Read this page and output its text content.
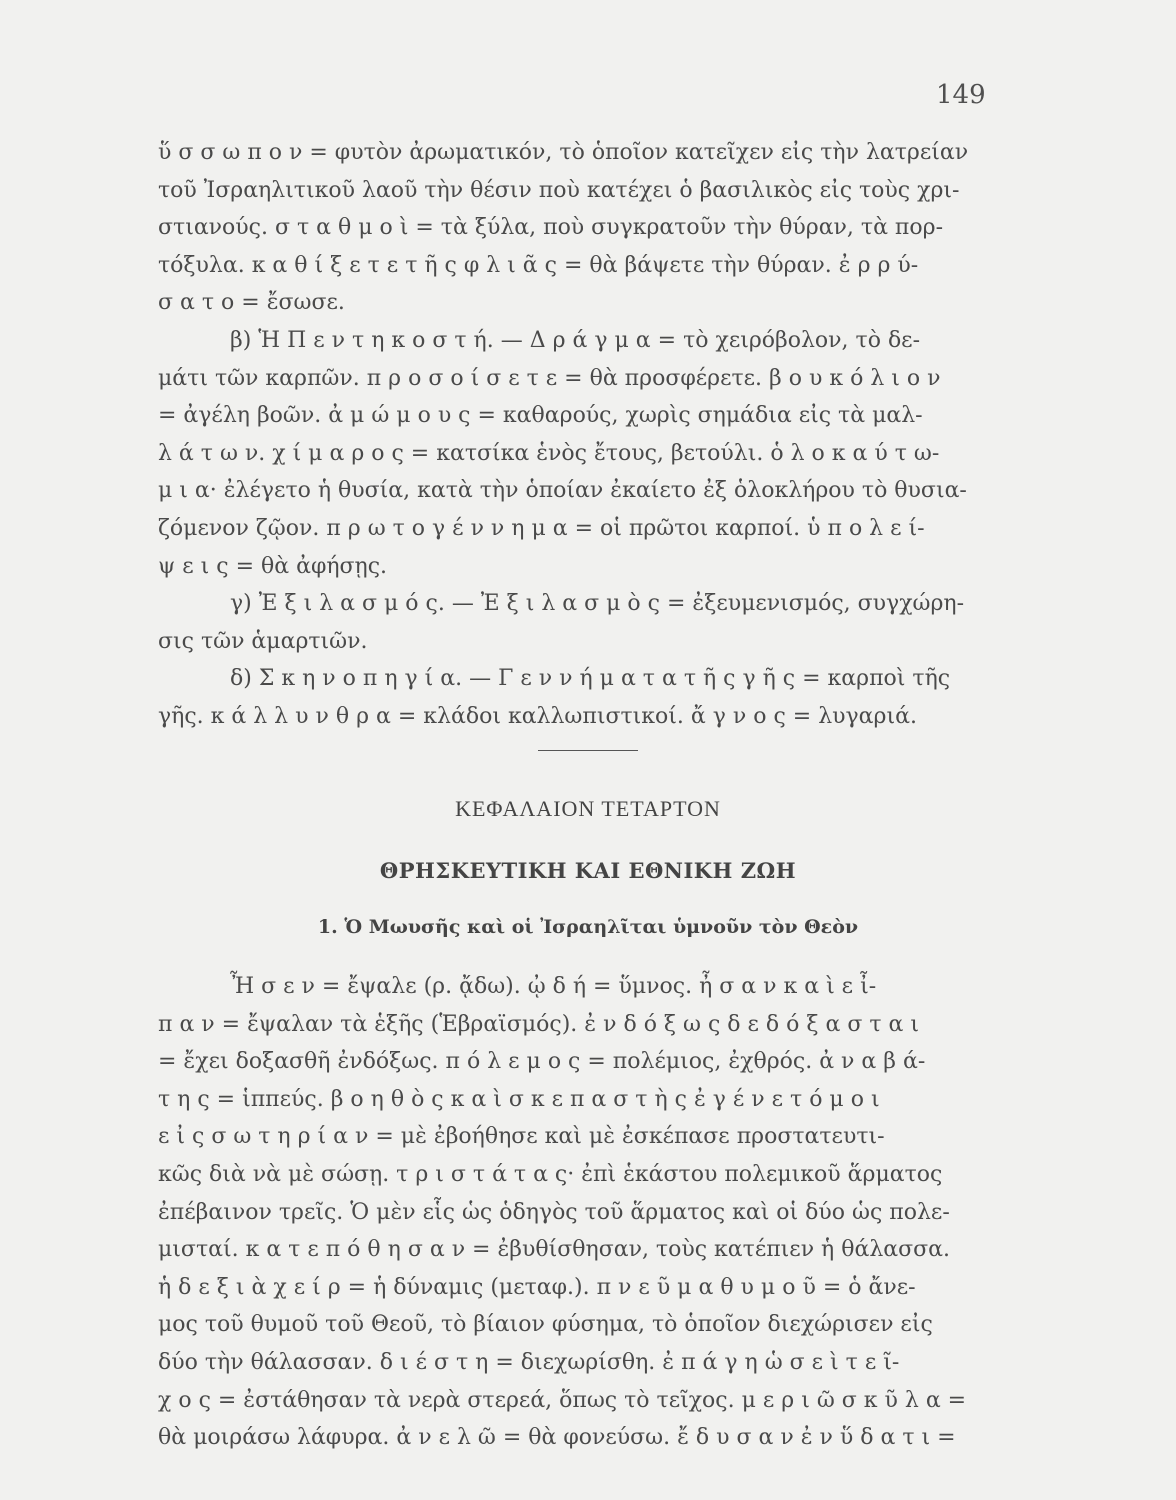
149
ὕ σ σ ω π ο ν = φυτὸν ἀρωματικόν, τὸ ὁποῖον κατεῖχεν εἰς τὴν λατρείαν
τοῦ Ἰσραηλιτικοῦ λαοῦ τὴν θέσιν ποὺ κατέχει ὁ βασιλικὸς εἰς τοὺς χρι-
στιανούς. σ τ α θ μ ο ὶ = τὰ ξύλα, ποὺ συγκρατοῦν τὴν θύραν, τὰ πορ-
τόξυλα. κ α θ ί ξ ε τ ε τ ῆ ς φ λ ι ᾶ ς = θὰ βάψετε τὴν θύραν. ἐ ρ ρ ύ-
σ α τ ο = ἔσωσε.
β) Ἡ Π ε ν τ η κ ο σ τ ή. — Δ ρ ά γ μ α = τὸ χειρόβολον, τὸ δε-
μάτι τῶν καρπῶν. π ρ ο σ ο ί σ ε τ ε = θὰ προσφέρετε. β ο υ κ ό λ ι ο ν
= ἀγέλη βοῶν. ἀ μ ώ μ ο υ ς = καθαρούς, χωρὶς σημάδια εἰς τὰ μαλ-
λ ά τ ω ν. χ ί μ α ρ ο ς = κατσίκα ἑνὸς ἔτους, βετούλι. ὁ λ ο κ α ύ τ ω-
μ ι α· ἐλέγετο ἡ θυσία, κατὰ τὴν ὁποίαν ἐκαίετο ἐξ ὁλοκλήρου τὸ θυσια-
ζόμενον ζῷον. π ρ ω τ ο γ έ ν ν η μ α = οἱ πρῶτοι καρποί. ὑ π ο λ ε ί-
ψ ε ι ς = θὰ ἀφήσῃς.
γ) Ἐ ξ ι λ α σ μ ό ς. — Ἐ ξ ι λ α σ μ ὸ ς = ἐξευμενισμός, συγχώρη-
σις τῶν ἁμαρτιῶν.
δ) Σ κ η ν ο π η γ ί α. — Γ ε ν ν ή μ α τ α τ ῆ ς γ ῆ ς = καρποὶ τῆς
γῆς. κ ά λ λ υ ν θ ρ α = κλάδοι καλλωπιστικοί. ἄ γ ν ο ς = λυγαριά.
ΚΕΦΑΛΑΙΟΝ ΤΕΤΑΡΤΟΝ
ΘΡΗΣΚΕΥΤΙΚΗ ΚΑΙ ΕΘΝΙΚΗ ΖΩΗ
1. Ὁ Μωυσῆς καὶ οἱ Ἰσραηλῖται ὑμνοῦν τὸν Θεὸν
Ἦ σ ε ν = ἔψαλε (ρ. ᾄδω). ᾠ δ ή = ὕμνος. ἦ σ α ν κ α ὶ ε ἶ-
π α ν = ἔψαλαν τὰ ἑξῆς (Ἑβραϊσμός). ἐ ν δ ό ξ ω ς δ ε δ ό ξ α σ τ α ι
= ἔχει δοξασθῆ ἐνδόξως. π ό λ ε μ ο ς = πολέμιος, ἐχθρός. ἀ ν α β ά-
τ η ς = ἱππεύς. β ο η θ ὸ ς κ α ὶ σ κ ε π α σ τ ὴ ς ἐ γ έ ν ε τ ό μ ο ι
ε ἰ ς σ ω τ η ρ ί α ν = μὲ ἐβοήθησε καὶ μὲ ἐσκέπασε προστατευτι-
κῶς διὰ νὰ μὲ σώσῃ. τ ρ ι σ τ ά τ α ς· ἐπὶ ἑκάστου πολεμικοῦ ἅρματος
ἐπέβαινον τρεῖς. Ὁ μὲν εἷς ὡς ὁδηγὸς τοῦ ἅρματος καὶ οἱ δύο ὡς πολε-
μισταί. κ α τ ε π ό θ η σ α ν = ἐβυθίσθησαν, τοὺς κατέπιεν ἡ θάλασσα.
ἡ δ ε ξ ι ὰ χ ε ί ρ = ἡ δύναμις (μεταφ.). π ν ε ῦ μ α θ υ μ ο ῦ = ὁ ἄνε-
μος τοῦ θυμοῦ τοῦ Θεοῦ, τὸ βίαιον φύσημα, τὸ ὁποῖον διεχώρισεν εἰς
δύο τὴν θάλασσαν. δ ι έ σ τ η = διεχωρίσθη. ἐ π ά γ η ὡ σ ε ὶ τ ε ῖ-
χ ο ς = ἐστάθησαν τὰ νερὰ στερεά, ὅπως τὸ τεῖχος. μ ε ρ ι ῶ σ κ ῦ λ α =
θὰ μοιράσω λάφυρα. ἀ ν ε λ ῶ = θὰ φονεύσω. ἔ δ υ σ α ν ἐ ν ὕ δ α τ ι =
